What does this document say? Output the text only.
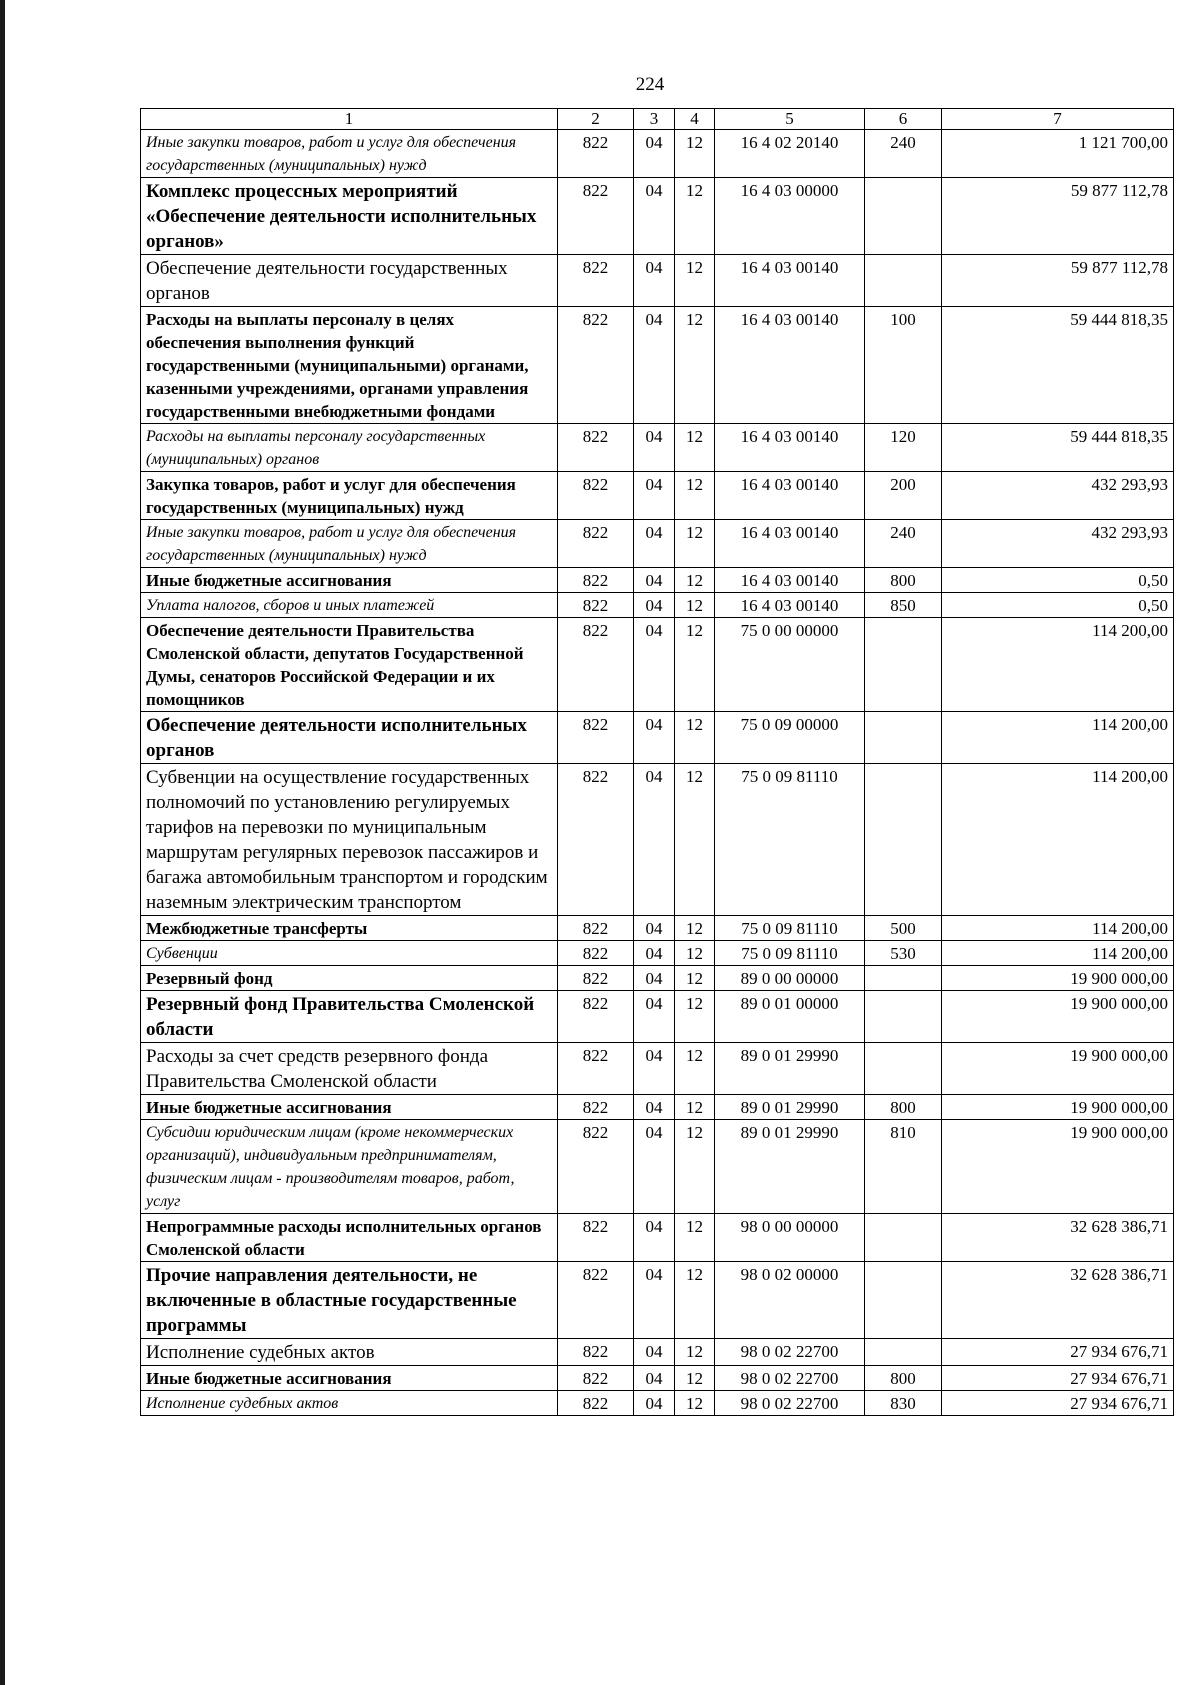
224
1	2	3	4	5	6	7
Иные закупки товаров, работ и услуг для обеспечения государственных (муниципальных) нужд	822	04	12	16 4 02 20140	240	1 121 700,00
Комплекс процессных мероприятий «Обеспечение деятельности исполнительных органов»	822	04	12	16 4 03 00000		59 877 112,78
Обеспечение деятельности государственных органов	822	04	12	16 4 03 00140		59 877 112,78
Расходы на выплаты персоналу в целях обеспечения выполнения функций государственными (муниципальными) органами, казенными учреждениями, органами управления государственными внебюджетными фондами	822	04	12	16 4 03 00140	100	59 444 818,35
Расходы на выплаты персоналу государственных (муниципальных) органов	822	04	12	16 4 03 00140	120	59 444 818,35
Закупка товаров, работ и услуг для обеспечения государственных (муниципальных) нужд	822	04	12	16 4 03 00140	200	432 293,93
Иные закупки товаров, работ и услуг для обеспечения государственных (муниципальных) нужд	822	04	12	16 4 03 00140	240	432 293,93
Иные бюджетные ассигнования	822	04	12	16 4 03 00140	800	0,50
Уплата налогов, сборов и иных платежей	822	04	12	16 4 03 00140	850	0,50
Обеспечение деятельности Правительства Смоленской области, депутатов Государственной Думы, сенаторов Российской Федерации и их помощников	822	04	12	75 0 00 00000		114 200,00
Обеспечение деятельности исполнительных органов	822	04	12	75 0 09 00000		114 200,00
Субвенции на осуществление государственных полномочий по установлению регулируемых тарифов на перевозки по муниципальным маршрутам регулярных перевозок пассажиров и багажа автомобильным транспортом и городским наземным электрическим транспортом	822	04	12	75 0 09 81110		114 200,00
Межбюджетные трансферты	822	04	12	75 0 09 81110	500	114 200,00
Субвенции	822	04	12	75 0 09 81110	530	114 200,00
Резервный фонд	822	04	12	89 0 00 00000		19 900 000,00
Резервный фонд Правительства Смоленской области	822	04	12	89 0 01 00000		19 900 000,00
Расходы за счет средств резервного фонда Правительства Смоленской области	822	04	12	89 0 01 29990		19 900 000,00
Иные бюджетные ассигнования	822	04	12	89 0 01 29990	800	19 900 000,00
Субсидии юридическим лицам (кроме некоммерческих организаций), индивидуальным предпринимателям, физическим лицам - производителям товаров, работ, услуг	822	04	12	89 0 01 29990	810	19 900 000,00
Непрограммные расходы исполнительных органов Смоленской области	822	04	12	98 0 00 00000		32 628 386,71
Прочие направления деятельности, не включенные в областные государственные программы	822	04	12	98 0 02 00000		32 628 386,71
Исполнение судебных актов	822	04	12	98 0 02 22700		27 934 676,71
Иные бюджетные ассигнования	822	04	12	98 0 02 22700	800	27 934 676,71
Исполнение судебных актов	822	04	12	98 0 02 22700	830	27 934 676,71
